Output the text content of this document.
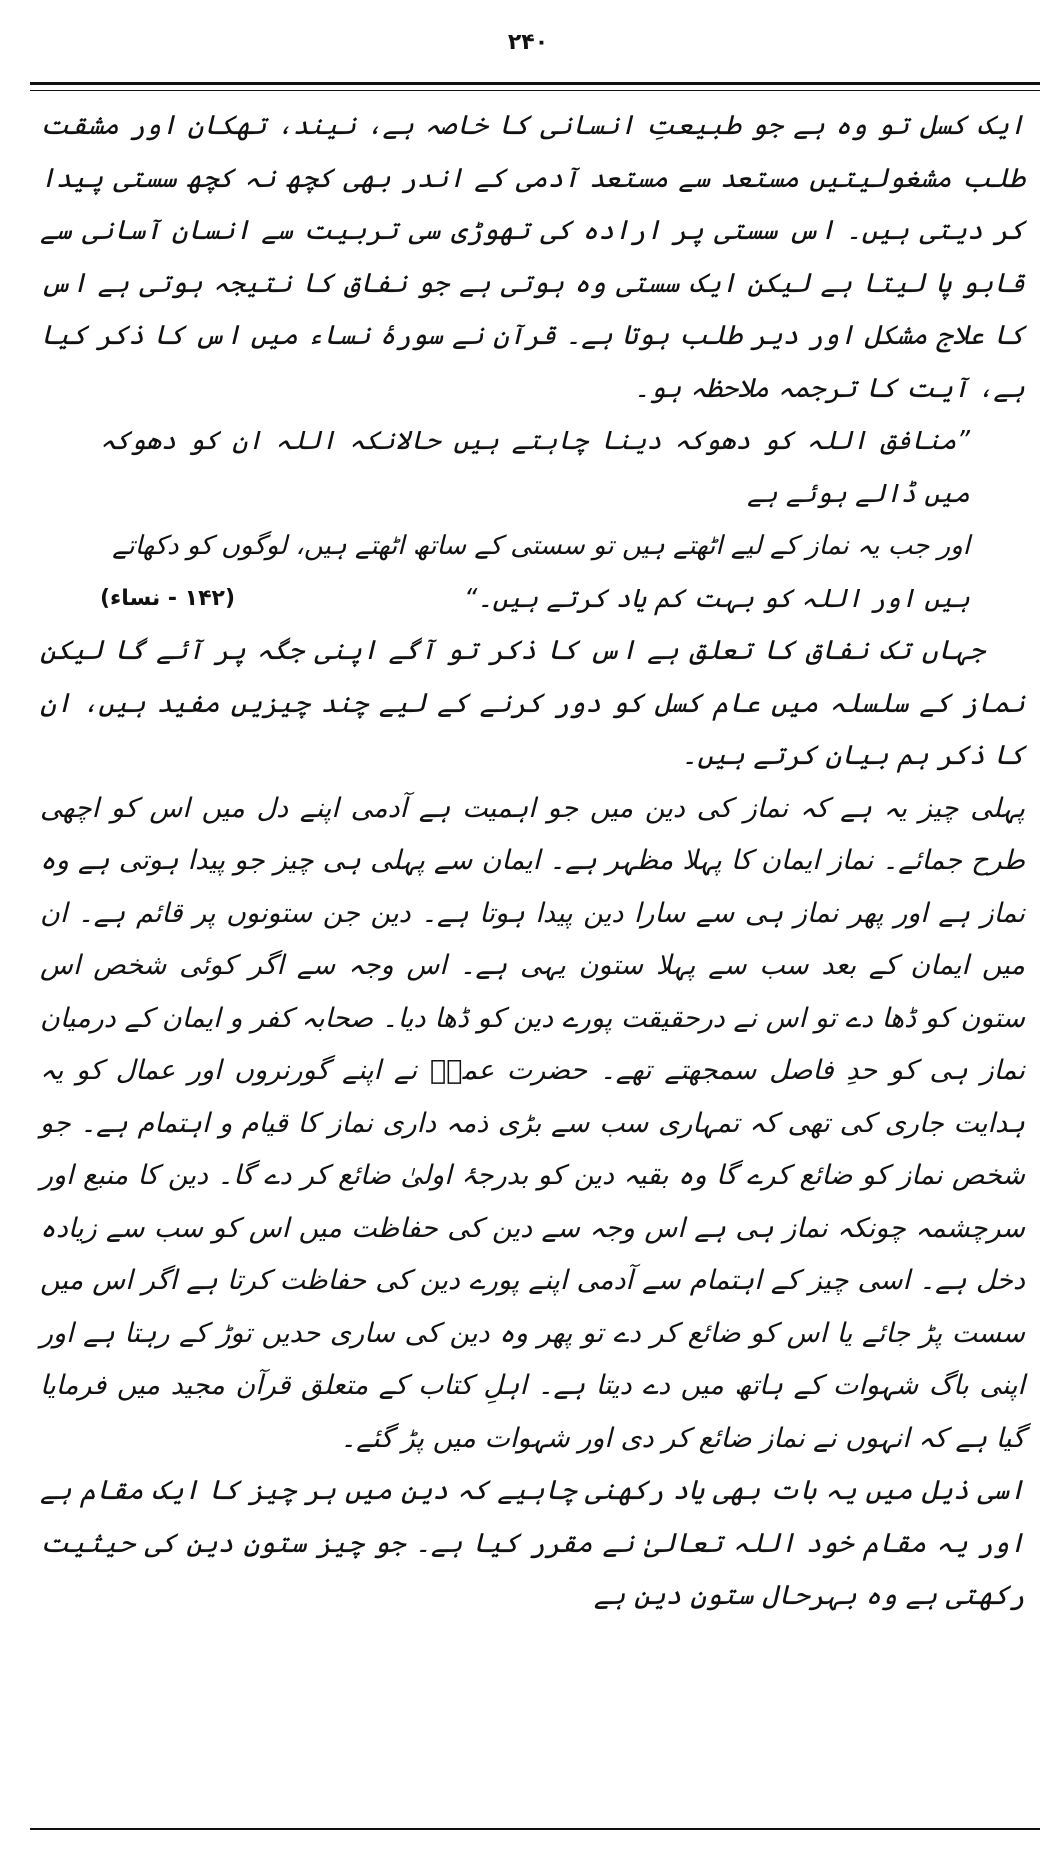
۲۴۰

ایک کسل تو وہ ہے جو طبیعتِ انسانی کا خاصہ ہے، نیند، تھکان اور مشقت طلب مشغولیتیں مستعد سے مستعد آدمی کے اندر بھی کچھ نہ کچھ سستی پیدا کر دیتی ہیں۔ اس سستی پر ارادہ کی تھوڑی سی تربیت سے انسان آسانی سے قابو پا لیتا ہے لیکن ایک سستی وہ ہوتی ہے جو نفاق کا نتیجہ ہوتی ہے اس کا علاج مشکل اور دیر طلب ہوتا ہے۔ قرآن نے سورۂ نساء میں اس کا ذکر کیا ہے، آیت کا ترجمہ ملاحظہ ہو۔

”منافق اللہ کو دھوکہ دینا چاہتے ہیں حالانکہ اللہ ان کو دھوکہ میں ڈالے ہوئے ہے

اور جب یہ نماز کے لیے اٹھتے ہیں تو سستی کے ساتھ اٹھتے ہیں، لوگوں کو دکھاتے

ہیں اور اللہ کو بہت کم یاد کرتے ہیں۔“
(۱۴۲ - نساء)

جہاں تک نفاق کا تعلق ہے اس کا ذکر تو آگے اپنی جگہ پر آئے گا لیکن نماز کے سلسلہ میں عام کسل کو دور کرنے کے لیے چند چیزیں مفید ہیں، ان کا ذکر ہم بیان کرتے ہیں۔

پہلی چیز یہ ہے کہ نماز کی دین میں جو اہمیت ہے آدمی اپنے دل میں اس کو اچھی طرح جمائے۔ نماز ایمان کا پہلا مظہر ہے۔ ایمان سے پہلی ہی چیز جو پیدا ہوتی ہے وہ نماز ہے اور پھر نماز ہی سے سارا دین پیدا ہوتا ہے۔ دین جن ستونوں پر قائم ہے۔ ان میں ایمان کے بعد سب سے پہلا ستون یہی ہے۔ اس وجہ سے اگر کوئی شخص اس ستون کو ڈھا دے تو اس نے درحقیقت پورے دین کو ڈھا دیا۔ صحابہ کفر و ایمان کے درمیان نماز ہی کو حدِ فاصل سمجھتے تھے۔ حضرت عمرؓ نے اپنے گورنروں اور عمال کو یہ ہدایت جاری کی تھی کہ تمہاری سب سے بڑی ذمہ داری نماز کا قیام و اہتمام ہے۔ جو شخص نماز کو ضائع کرے گا وہ بقیہ دین کو بدرجۂ اولیٰ ضائع کر دے گا۔ دین کا منبع اور سرچشمہ چونکہ نماز ہی ہے اس وجہ سے دین کی حفاظت میں اس کو سب سے زیادہ دخل ہے۔ اسی چیز کے اہتمام سے آدمی اپنے پورے دین کی حفاظت کرتا ہے اگر اس میں سست پڑ جائے یا اس کو ضائع کر دے تو پھر وہ دین کی ساری حدیں توڑ کے رہتا ہے اور اپنی باگ شہوات کے ہاتھ میں دے دیتا ہے۔ اہلِ کتاب کے متعلق قرآن مجید میں فرمایا گیا ہے کہ انہوں نے نماز ضائع کر دی اور شہوات میں پڑ گئے۔

اسی ذیل میں یہ بات بھی یاد رکھنی چاہیے کہ دین میں ہر چیز کا ایک مقام ہے اور یہ مقام خود اللہ تعالیٰ نے مقرر کیا ہے۔ جو چیز ستونِ دین کی حیثیت رکھتی ہے وہ بہرحال ستونِ دین ہے
